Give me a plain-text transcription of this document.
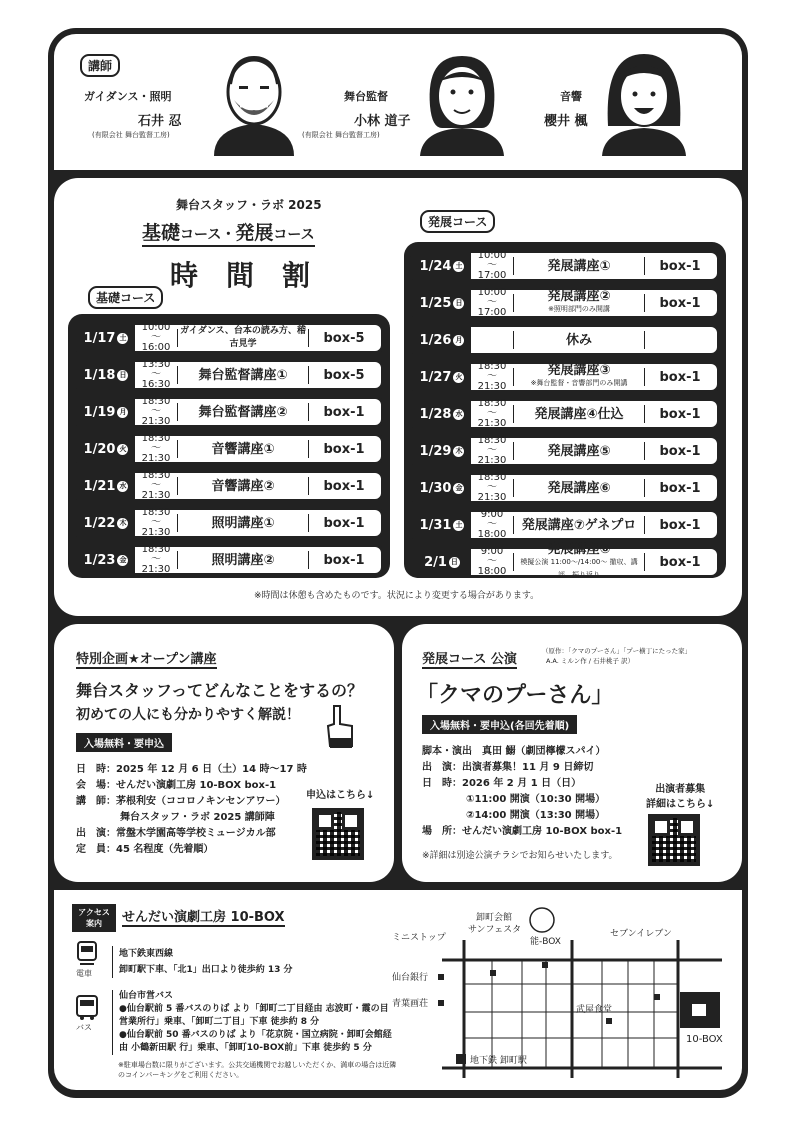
講師
ガイダンス・照明
石井 忍
(有限会社 舞台監督工房)
舞台監督
小林 道子
(有限会社 舞台監督工房)
音響
櫻井 楓
舞台スタッフ・ラボ 2025
基礎コース・発展コース
時　間　割
基礎コース
発展コース
1/17 土
10:00
～
16:00
ガイダンス、台本の読み方、稽古見学	box-5
1/18 日
13:30
～
16:30
舞台監督講座①	box-5
1/19 月
18:30
～
21:30
舞台監督講座②	box-1
1/20 火
18:30
～
21:30
音響講座①	box-1
1/21 水
18:30
～
21:30
音響講座②	box-1
1/22 木
18:30
～
21:30
照明講座①	box-1
1/23 金
18:30
～
21:30
照明講座②	box-1
1/24 土
10:00
～
17:00
発展講座①	box-1
1/25 日
10:00
～
17:00
発展講座②
※照明部門のみ開講	box-1
1/26 月	休み
1/27 火
18:30
～
21:30
発展講座③
※舞台監督・音響部門のみ開講	box-1
1/28 水
18:30
～
21:30
発展講座④仕込	box-1
1/29 木
18:30
～
21:30
発展講座⑤	box-1
1/30 金
18:30
～
21:30
発展講座⑥	box-1
1/31 土
9:00
～
18:00
発展講座⑦ゲネプロ	box-1
2/1 日
9:00
～
18:00
発展講座⑧
模擬公演 11:00～/14:00～ 撤収、講評、振り返り
box-1
※時間は休憩も含めたものです。状況により変更する場合があります。
特別企画★オープン講座
舞台スタッフってどんなことをするの？
初めての人にも分かりやすく解説！
入場無料・要申込
日　時：2025 年 12 月 6 日（土）14 時～17 時
会　場：せんだい演劇工房 10-BOX box-1
講　師：茅根利安（ココロノキンセンアワー）
舞台スタッフ・ラボ 2025 講師陣
出　演：常盤木学園高等学校ミュージカル部
定　員：45 名程度（先着順）
申込はこちら↓
発展コース 公演
（原作：「クマのプーさん」「プー横丁にたった家」
A.A. ミルン作 / 石井桃子 訳）
「クマのプーさん」
入場無料・要申込(各回先着順)
脚本・演出　真田 鰯（劇団檸檬スパイ）
出　演：出演者募集！11 月 9 日締切
日　時：2026 年 2 月 1 日（日）
①11:00 開演（10:30 開場）
②14:00 開演（13:30 開場）
場　所：せんだい演劇工房 10-BOX box-1
※詳細は別途公演チラシでお知らせいたします。
出演者募集
詳細はこちら↓
アクセス案内	せんだい演劇工房 10-BOX
電車
地下鉄東西線
卸町駅下車、「北1」出口より徒歩約 13 分
バス
仙台市営バス
●仙台駅前 5 番バスのりば より「卸町二丁目経由 志波町・霞の目営業所行」乗車、「卸町二丁目」下車 徒歩約 8 分
●仙台駅前 50 番バスのりば より「花京院・国立病院・卸町会館経由 小鶴新田駅 行」乗車、「卸町10-BOX前」下車 徒歩約 5 分
※駐車場台数に限りがございます。公共交通機関でお越しいただくか、満車の場合は近隣のコインパーキングをご利用ください。
ミニストップ
卸町会館
サンフェスタ
能-BOX
セブンイレブン
仙台銀行
青葉画荘
武屋食堂
10-BOX
地下鉄 卸町駅
